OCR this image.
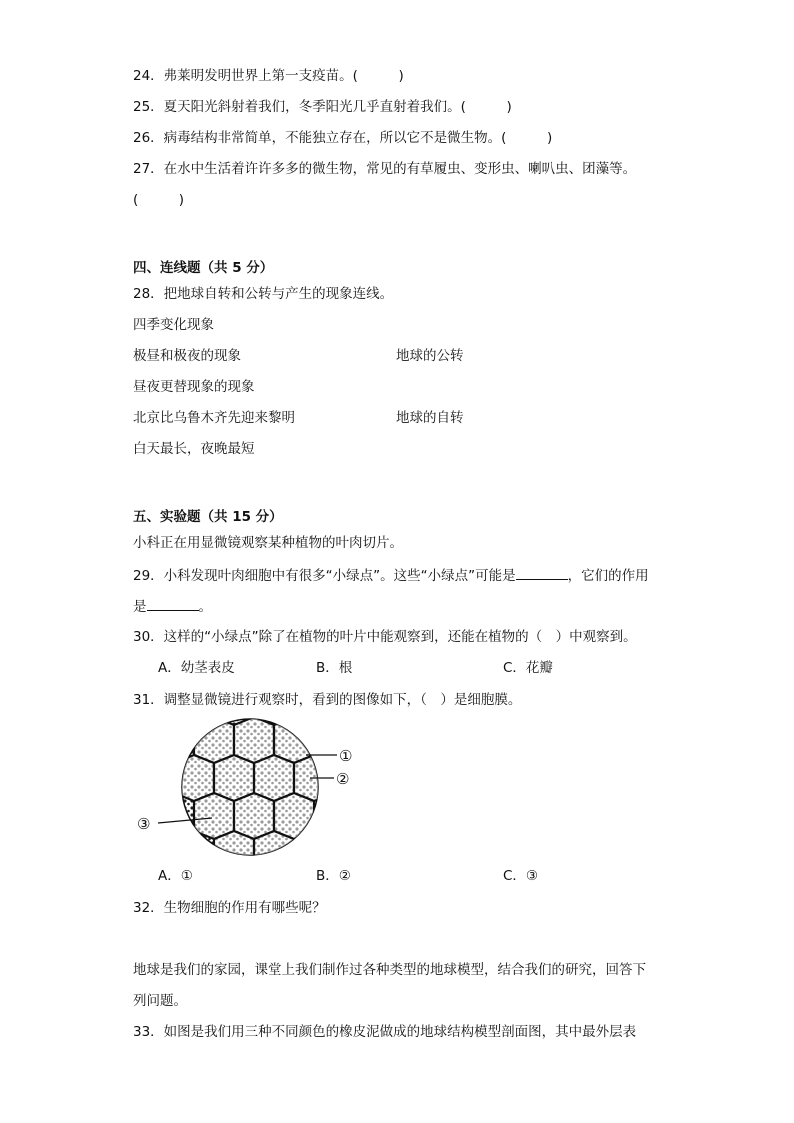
24．弗莱明发明世界上第一支疫苗。(　　　)
25．夏天阳光斜射着我们，冬季阳光几乎直射着我们。(　　　)
26．病毒结构非常简单，不能独立存在，所以它不是微生物。(　　　)
27．在水中生活着许许多多的微生物，常见的有草履虫、变形虫、喇叭虫、团藻等。
(　　　)
四、连线题（共 5 分）
28．把地球自转和公转与产生的现象连线。
四季变化现象
极昼和极夜的现象	地球的公转
昼夜更替现象的现象
北京比乌鲁木齐先迎来黎明	地球的自转
白天最长，夜晚最短
五、实验题（共 15 分）
小科正在用显微镜观察某种植物的叶肉切片。
29．小科发现叶肉细胞中有很多“小绿点”。这些“小绿点”可能是	，它们的作用
是	。
30．这样的“小绿点”除了在植物的叶片中能观察到，还能在植物的（　）中观察到。
A．幼茎表皮	B．根	C．花瓣
31．调整显微镜进行观察时，看到的图像如下，（　）是细胞膜。
①
②
③
A．①	B．②	C．③
32．生物细胞的作用有哪些呢？
地球是我们的家园，课堂上我们制作过各种类型的地球模型，结合我们的研究，回答下
列问题。
33．如图是我们用三种不同颜色的橡皮泥做成的地球结构模型剖面图，其中最外层表
